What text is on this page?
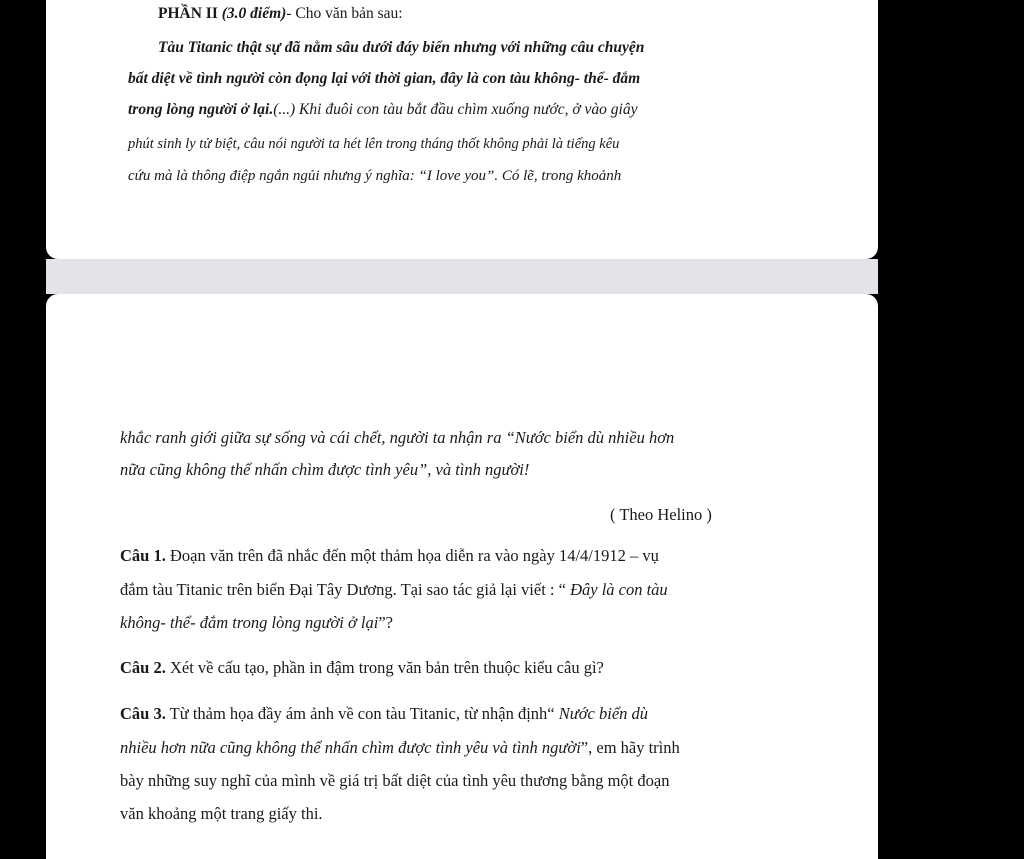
PHẦN II (3.0 điểm)- Cho văn bản sau:
Tàu Titanic thật sự đã nằm sâu dưới đáy biển nhưng với những câu chuyện
bất diệt về tình người còn đọng lại với thời gian, đây là con tàu không- thể- đắm
trong lòng người ở lại.(...) Khi đuôi con tàu bắt đầu chìm xuống nước, ở vào giây
phút sinh ly tử biệt, câu nói người ta hét lên trong tháng thốt không phải là tiếng kêu
cứu mà là thông điệp ngắn ngủi nhưng ý nghĩa: “I love you”. Có lẽ, trong khoảnh
khắc ranh giới giữa sự sống và cái chết, người ta nhận ra “Nước biển dù nhiều hơn
nữa cũng không thể nhấn chìm được tình yêu”, và tình người!
( Theo Helino )
Câu 1. Đoạn văn trên đã nhắc đến một thảm họa diễn ra vào ngày 14/4/1912 – vụ
đắm tàu Titanic trên biển Đại Tây Dương. Tại sao tác giả lại viết : “ Đây là con tàu
không- thể- đắm trong lòng người ở lại”?
Câu 2. Xét về cấu tạo, phần in đậm trong văn bản trên thuộc kiểu câu gì?
Câu 3. Từ thảm họa đầy ám ảnh về con tàu Titanic, từ nhận định“ Nước biển dù
nhiều hơn nữa cũng không thể nhấn chìm được tình yêu và tình người”, em hãy trình
bày những suy nghĩ của mình về giá trị bất diệt của tình yêu thương bằng một đoạn
văn khoảng một trang giấy thi.
